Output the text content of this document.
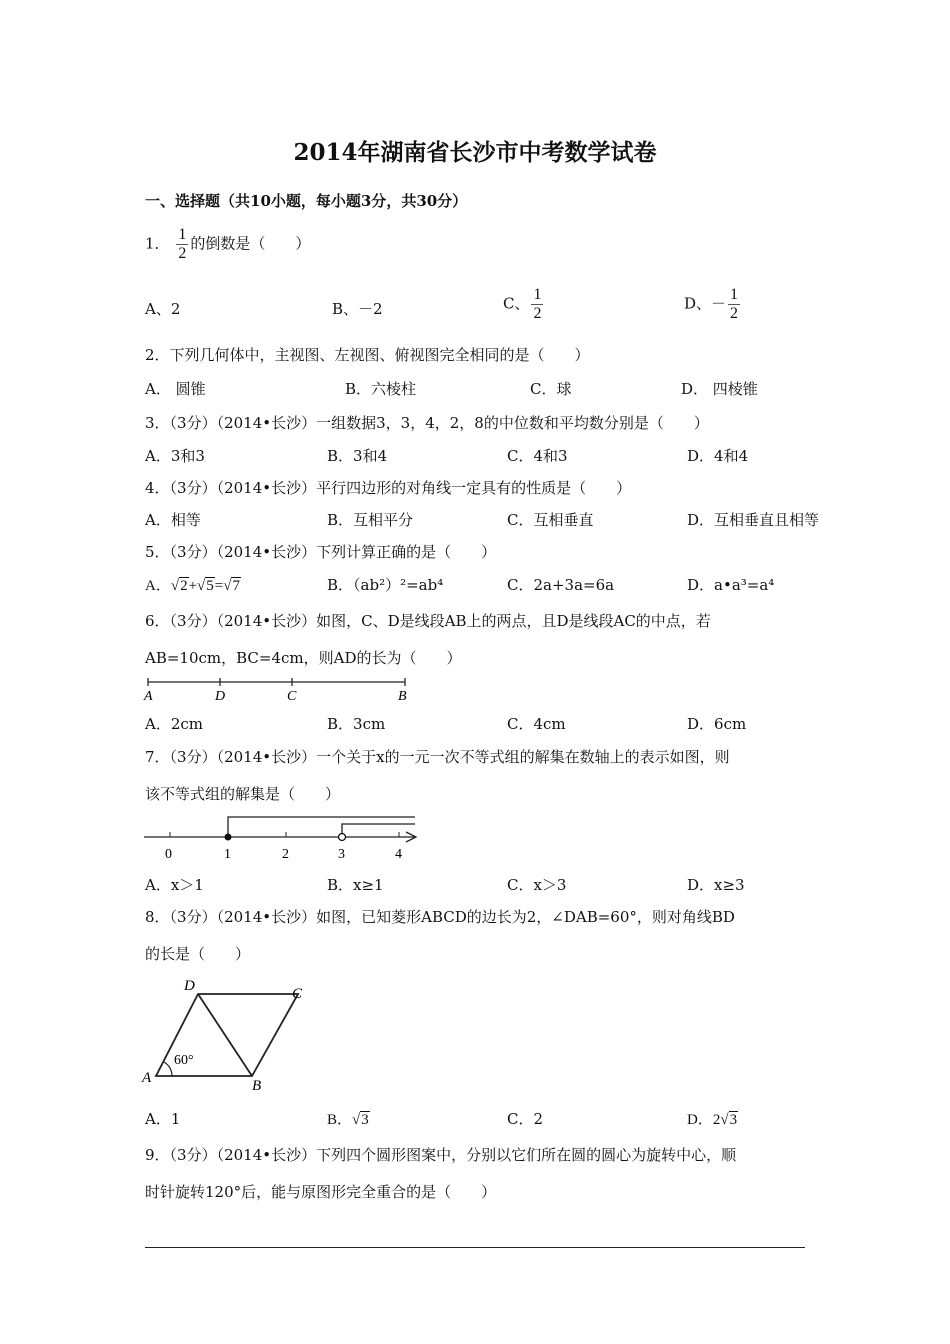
2014年湖南省长沙市中考数学试卷
一、选择题（共10小题，每小题3分，共30分）
1． $\frac{1}{2}$ 的倒数是（　　）
A、2	B、－2	C、 $\frac{1}{2}$	D、－ $\frac{1}{2}$
2．下列几何体中，主视图、左视图、俯视图完全相同的是（　　）
A． 圆锥	B．六棱柱	C．球	D． 四棱锥
3．（3分）（2014•长沙）一组数据3，3，4，2，8的中位数和平均数分别是（　　）
A．3和3	B．3和4	C．4和3	D．4和4
4．（3分）（2014•长沙）平行四边形的对角线一定具有的性质是（　　）
A．相等	B．互相平分	C．互相垂直	D．互相垂直且相等
5．（3分）（2014•长沙）下列计算正确的是（　　）
A．√2+√5=√7	B．（ab²）²=ab⁴	C．2a+3a=6a	D．a•a³=a⁴
6．（3分）（2014•长沙）如图，C、D是线段AB上的两点，且D是线段AC的中点，若
AB=10cm，BC=4cm，则AD的长为（　　）
A	D	C	B
A．2cm	B．3cm	C．4cm	D．6cm
7．（3分）（2014•长沙）一个关于x的一元一次不等式组的解集在数轴上的表示如图，则
该不等式组的解集是（　　）
0	1	2	3	4
A．x＞1	B．x≥1	C．x＞3	D．x≥3
8．（3分）（2014•长沙）如图，已知菱形ABCD的边长为2，∠DAB=60°，则对角线BD
的长是（　　）
60°
A	B
C
D
A．1	B．√3	C．2	D．2√3
9．（3分）（2014•长沙）下列四个圆形图案中，分别以它们所在圆的圆心为旋转中心，顺
时针旋转120°后，能与原图形完全重合的是（　　）
